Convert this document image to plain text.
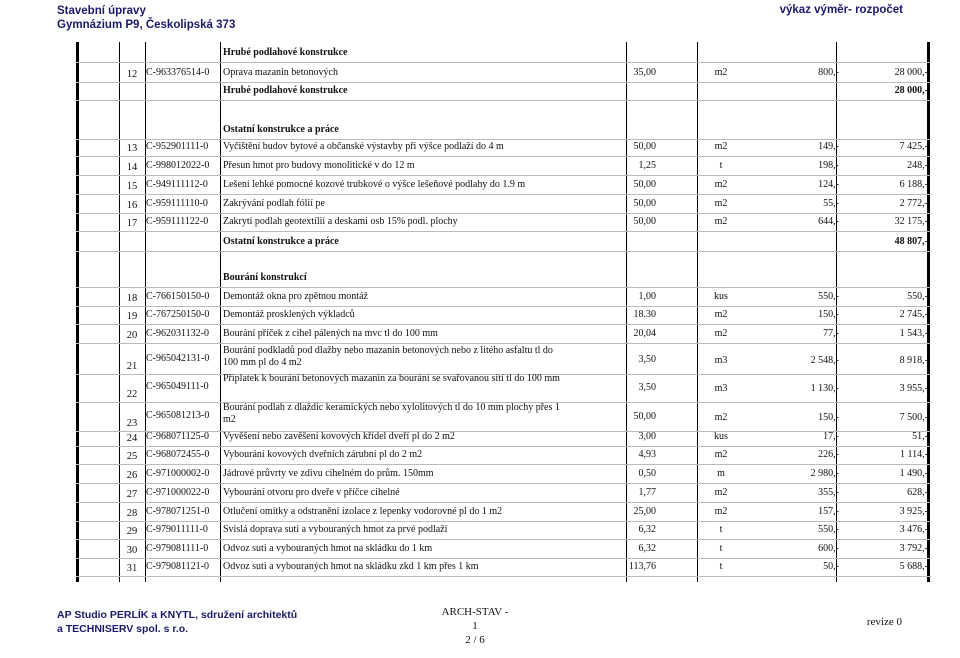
Stavební úpravy
Gymnázium P9, Českolipská 373
výkaz výměr- rozpočet
Hrubé podlahové konstrukce
12 C-963376514-0 Oprava mazanin betonových	35,00	m2	800,-	28 000,-
Hrubé podlahové konstrukce	28 000,-
Ostatní konstrukce a práce
13 C-952901111-0 Vyčištění budov bytové a občanské výstavby při výšce podlaží do 4 m	50,00	m2	149,-	7 425,-
14 C-998012022-0 Přesun hmot pro budovy monolitické v do 12 m	1,25	t	198,-	248,-
15 C-949111112-0 Lešení lehké pomocné kozové trubkové o výšce lešeňové podlahy do 1.9 m	50,00	m2	124,-	6 188,-
16 C-959111110-0 Zakrývání podlah fólií pe	50,00	m2	55,-	2 772,-
17 C-959111122-0 Zakrytí podlah geotextílií a deskami osb 15% podl. plochy	50,00	m2	644,-	32 175,-
Ostatní konstrukce a práce	48 807,-
Bourání konstrukcí
18 C-766150150-0 Demontáž okna pro zpětnou montáž	1,00	kus	550,-	550,-
19 C-767250150-0 Demontáž prosklených výkladců	18.30	m2	150,-	2 745,-
20 C-962031132-0 Bourání příček z cihel pálených na mvc tl do 100 mm	20,04	m2	77,-	1 543,-
21
C-965042131-0
Bourání podkladů pod dlažby nebo mazanin betonových nebo z litého asfaltu tl do 100 mm pl do 4 m2	3,50	m3	2 548,-	8 918,-
22
C-965049111-0
Příplatek k bourání betonových mazanin za bourání se svařovanou sítí tl do 100 mm
3,50	m3	1 130,-	3 955,-
23
C-965081213-0
Bourání podlah z dlaždic keramických nebo xylolitových tl do 10 mm plochy přes 1 m2	50,00	m2	150,-	7 500,-
24 C-968071125-0 Vyvěšení nebo zavěšení kovových křídel dveří pl do 2 m2	3,00	kus	17,-	51,-
25 C-968072455-0 Vybourání kovových dveřních zárubní pl do 2 m2	4,93	m2	226,-	1 114,-
26 C-971000002-0 Jádrové průvrty ve zdivu cihelném do prům. 150mm	0,50	m	2 980,-	1 490,-
27 C-971000022-0 Vybourání otvoru pro dveře v příčce cihelné	1,77	m2	355,-	628,-
28 C-978071251-0 Otlučení omítky a odstranění izolace z lepenky vodorovné pl do 1 m2	25,00	m2	157,-	3 925,-
29 C-979011111-0 Svislá doprava suti a vybouraných hmot za prvé podlaží	6,32	t	550,-	3 476,-
30 C-979081111-0 Odvoz suti a vybouraných hmot na skládku do 1 km	6,32	t	600,-	3 792,-
31 C-979081121-0 Odvoz suti a vybouraných hmot na skládku zkd 1 km přes 1 km	113,76	t	50,-	5 688,-
AP Studio PERLÍK a KNYTL, sdružení architektů
a TECHNISERV spol. s r.o.
ARCH-STAV - 1
2 / 6
revize 0
